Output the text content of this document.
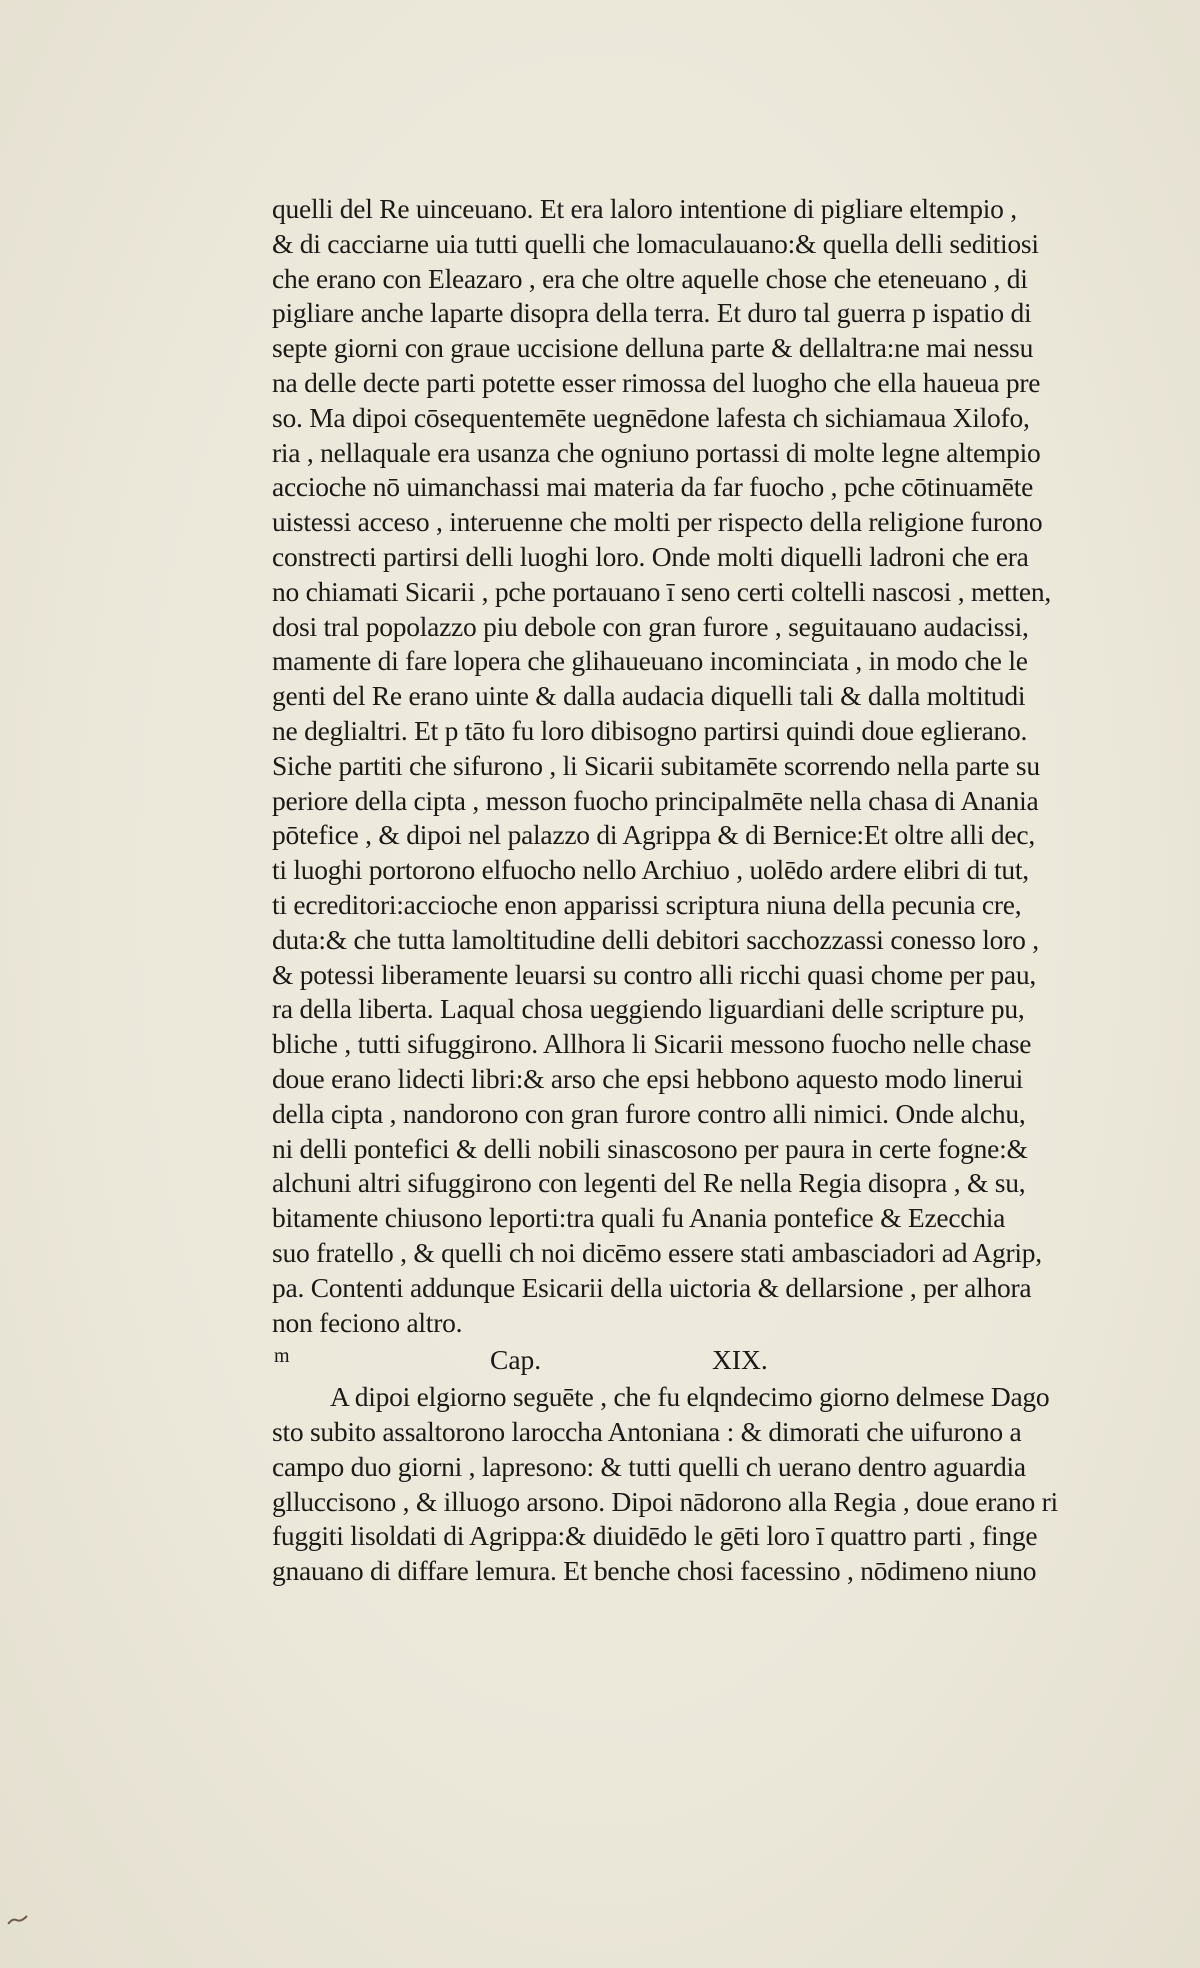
quelli del Re uinceuano. Et era laloro intentione di pigliare eltempio ,
& di cacciarne uia tutti quelli che lomaculauano:& quella delli seditiosi
che erano con Eleazaro , era che oltre aquelle chose che eteneuano , di
pigliare anche laparte disopra della terra. Et duro tal guerra p ispatio di
septe giorni con graue uccisione delluna parte & dellaltra:ne mai nessu
na delle decte parti potette esser rimossa del luogho che ella haueua pre
so. Ma dipoi cōsequentemēte uegnēdone lafesta ch sichiamaua Xilofo,
ria , nellaquale era usanza che ogniuno portassi di molte legne altempio
accioche nō uimanchassi mai materia da far fuocho , pche cōtinuamēte
uistessi acceso , interuenne che molti per rispecto della religione furono
constrecti partirsi delli luoghi loro. Onde molti diquelli ladroni che era
no chiamati Sicarii , pche portauano ī seno certi coltelli nascosi , metten,
dosi tral popolazzo piu debole con gran furore , seguitauano audacissi,
mamente di fare lopera che glihaueuano incominciata , in modo che le
genti del Re erano uinte & dalla audacia diquelli tali & dalla moltitudi
ne deglialtri. Et p tāto fu loro dibisogno partirsi quindi doue eglierano.
Siche partiti che sifurono , li Sicarii subitamēte scorrendo nella parte su
periore della cipta , messon fuocho principalmēte nella chasa di Anania
pōtefice , & dipoi nel palazzo di Agrippa & di Bernice:Et oltre alli dec,
ti luoghi portorono elfuocho nello Archiuo , uolēdo ardere elibri di tut,
ti ecreditori:accioche enon apparissi scriptura niuna della pecunia cre,
duta:& che tutta lamoltitudine delli debitori sacchozzassi conesso loro ,
& potessi liberamente leuarsi su contro alli ricchi quasi chome per pau,
ra della liberta. Laqual chosa ueggiendo liguardiani delle scripture pu,
bliche , tutti sifuggirono. Allhora li Sicarii messono fuocho nelle chase
doue erano lidecti libri:& arso che epsi hebbono aquesto modo linerui
della cipta , nandorono con gran furore contro alli nimici. Onde alchu,
ni delli pontefici & delli nobili sinascosono per paura in certe fogne:&
alchuni altri sifuggirono con legenti del Re nella Regia disopra , & su,
bitamente chiusono leporti:tra quali fu Anania pontefice & Ezecchia
suo fratello , & quelli ch noi dicēmo essere stati ambasciadori ad Agrip,
pa. Contenti addunque Esicarii della uictoria & dellarsione , per alhora
non feciono altro.
m	Cap.	XIX.
A dipoi elgiorno seguēte , che fu elqndecimo giorno delmese Dago
sto subito assaltorono laroccha Antoniana : & dimorati che uifurono a
campo duo giorni , lapresono: & tutti quelli ch uerano dentro aguardia
glluccisono , & illuogo arsono. Dipoi nādorono alla Regia , doue erano ri
fuggiti lisoldati di Agrippa:& diuidēdo le gēti loro ī quattro parti , finge
gnauano di diffare lemura. Et benche chosi facessino , nōdimeno niuno
